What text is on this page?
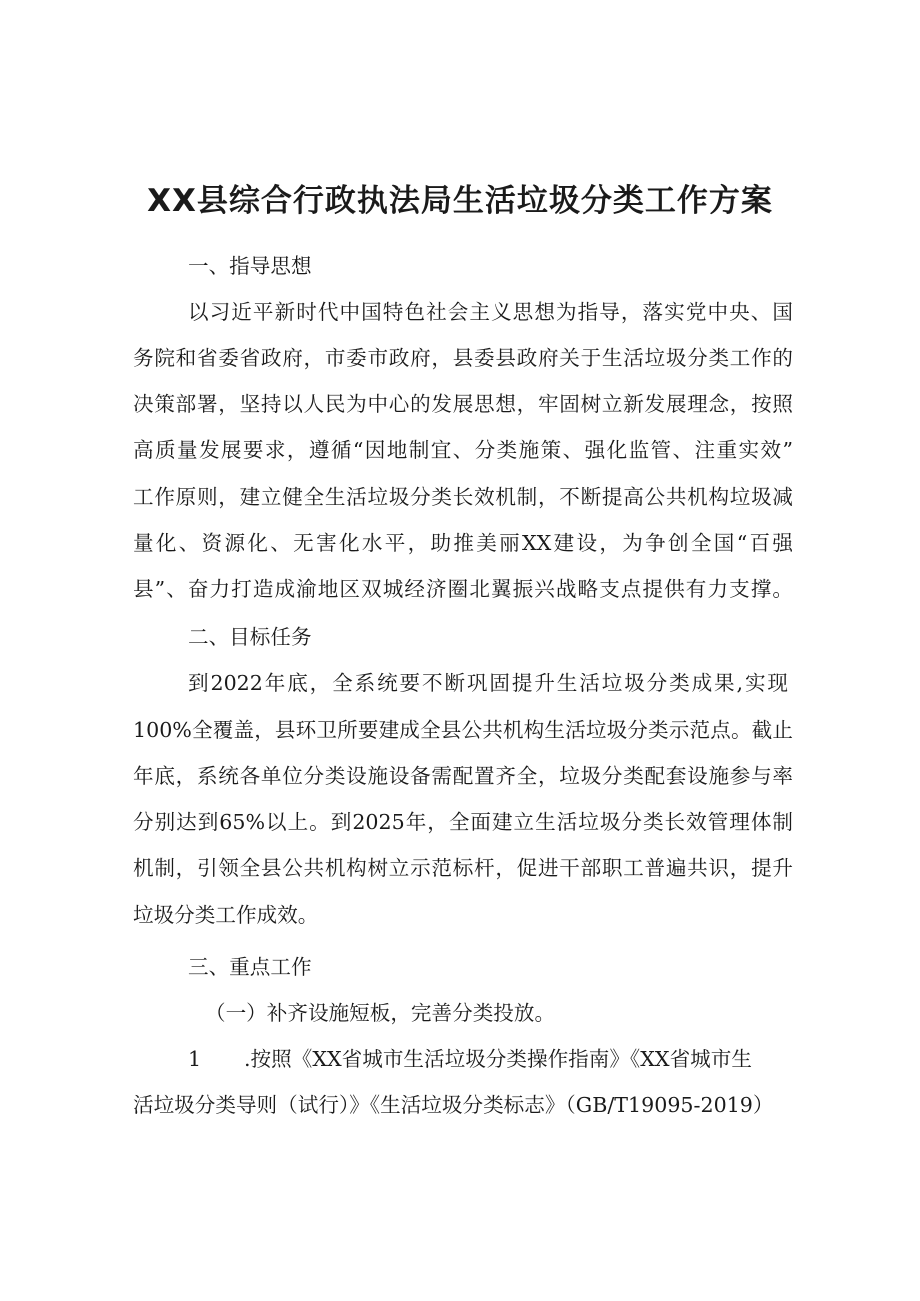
XX县综合行政执法局生活垃圾分类工作方案

一、指导思想

以习近平新时代中国特色社会主义思想为指导，落实党中央、国

务院和省委省政府，市委市政府，县委县政府关于生活垃圾分类工作的

决策部署，坚持以人民为中心的发展思想，牢固树立新发展理念，按照

高质量发展要求，遵循“因地制宜、分类施策、强化监管、注重实效”

工作原则，建立健全生活垃圾分类长效机制，不断提高公共机构垃圾减

量化、资源化、无害化水平，助推美丽XX建设，为争创全国“百强

县”、奋力打造成渝地区双城经济圈北翼振兴战略支点提供有力支撑。

二、目标任务

到2022年底，全系统要不断巩固提升生活垃圾分类成果,实现

100%全覆盖，县环卫所要建成全县公共机构生活垃圾分类示范点。截止

年底，系统各单位分类设施设备需配置齐全，垃圾分类配套设施参与率

分别达到65%以上。到2025年，全面建立生活垃圾分类长效管理体制

机制，引领全县公共机构树立示范标杆，促进干部职工普遍共识，提升

垃圾分类工作成效。

三、重点工作

（一）补齐设施短板，完善分类投放。

1	.按照《XX省城市生活垃圾分类操作指南》《XX省城市生

活垃圾分类导则（试行）》《生活垃圾分类标志》（GB/T19095-2019）
